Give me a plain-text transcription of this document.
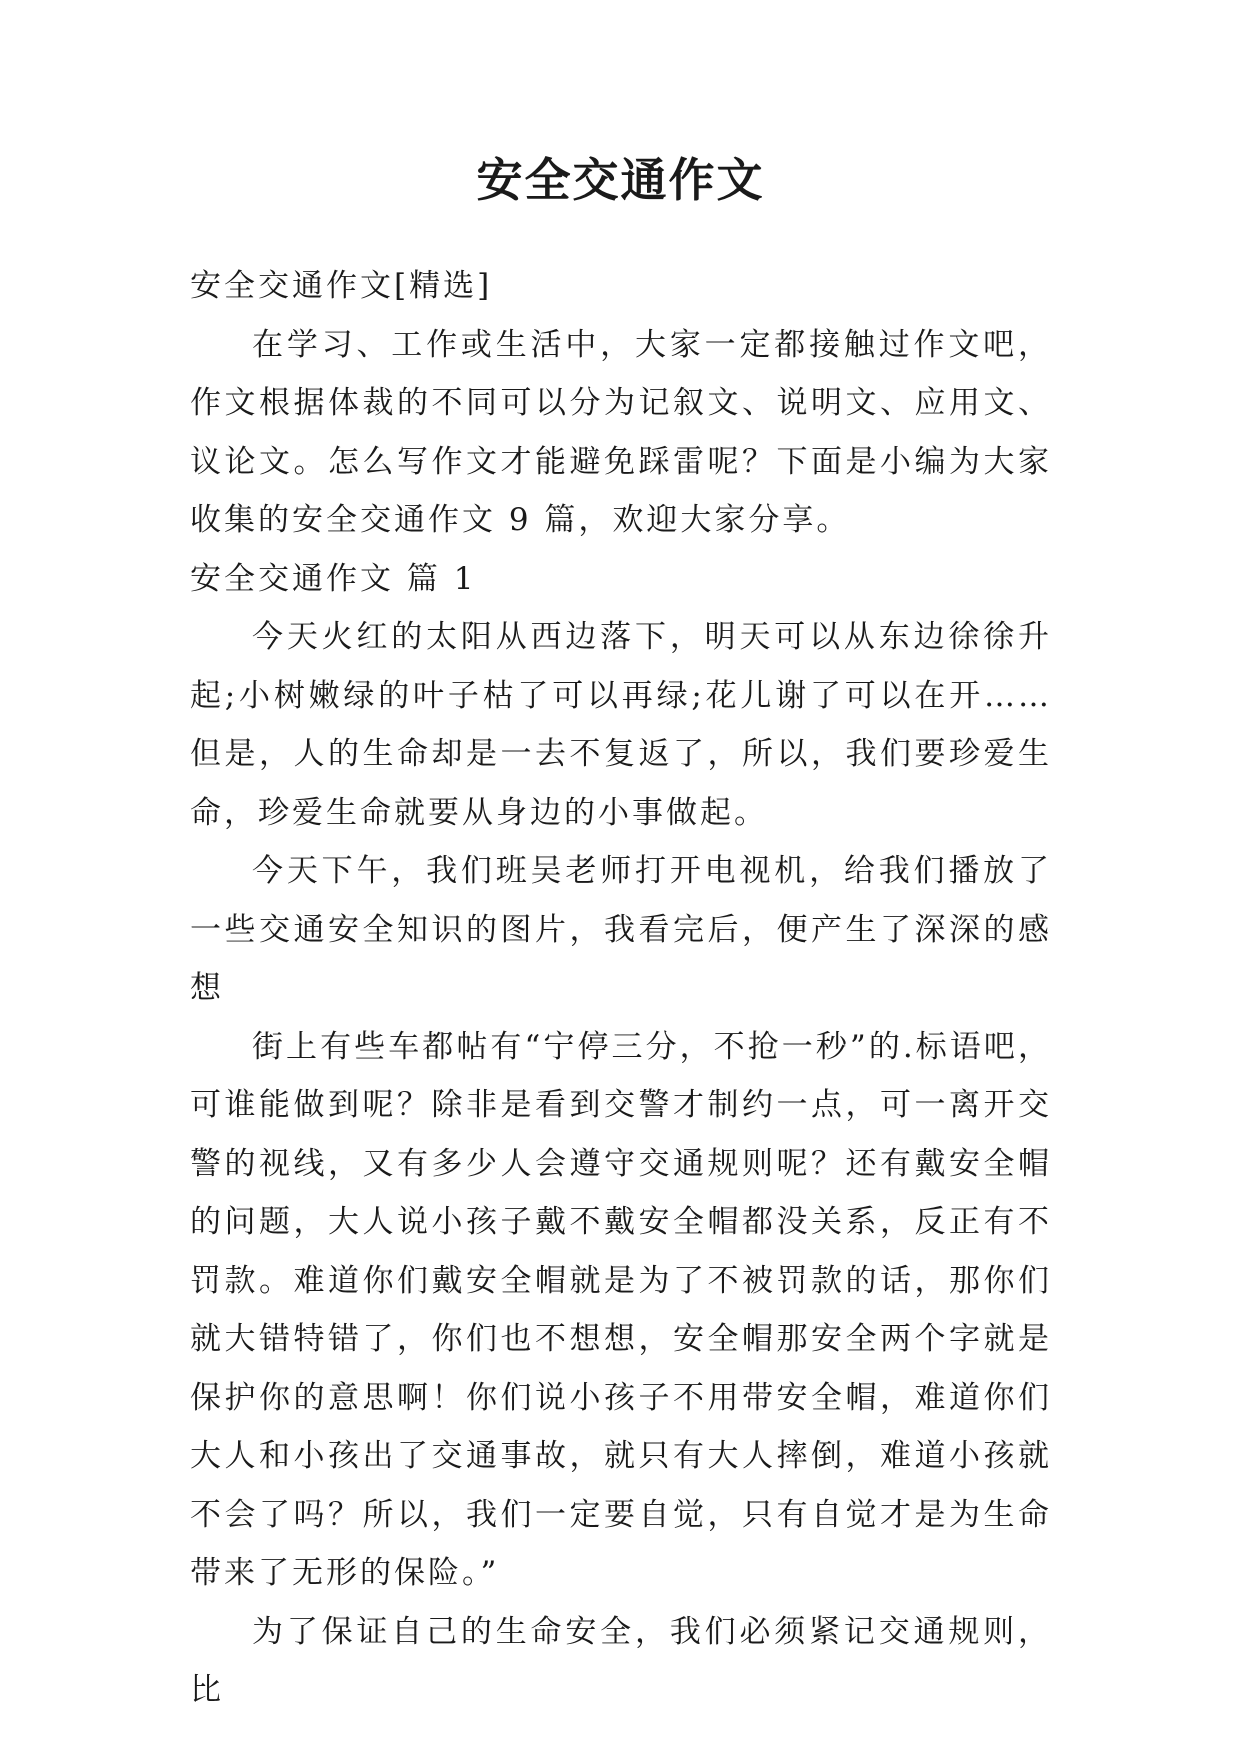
安全交通作文

安全交通作文[精选]

在学习、工作或生活中，大家一定都接触过作文吧，作文根据体裁的不同可以分为记叙文、说明文、应用文、议论文。怎么写作文才能避免踩雷呢？下面是小编为大家收集的安全交通作文 9 篇，欢迎大家分享。

安全交通作文 篇 1

今天火红的太阳从西边落下，明天可以从东边徐徐升起;小树嫩绿的叶子枯了可以再绿;花儿谢了可以在开……但是，人的生命却是一去不复返了，所以，我们要珍爱生命，珍爱生命就要从身边的小事做起。

今天下午，我们班吴老师打开电视机，给我们播放了一些交通安全知识的图片，我看完后，便产生了深深的感想

街上有些车都帖有“宁停三分，不抢一秒”的.标语吧，可谁能做到呢？除非是看到交警才制约一点，可一离开交警的视线，又有多少人会遵守交通规则呢？还有戴安全帽的问题，大人说小孩子戴不戴安全帽都没关系，反正有不罚款。难道你们戴安全帽就是为了不被罚款的话，那你们就大错特错了，你们也不想想，安全帽那安全两个字就是保护你的意思啊！你们说小孩子不用带安全帽，难道你们大人和小孩出了交通事故，就只有大人摔倒，难道小孩就不会了吗？所以，我们一定要自觉，只有自觉才是为生命带来了无形的保险。”

为了保证自己的生命安全，我们必须紧记交通规则，比
